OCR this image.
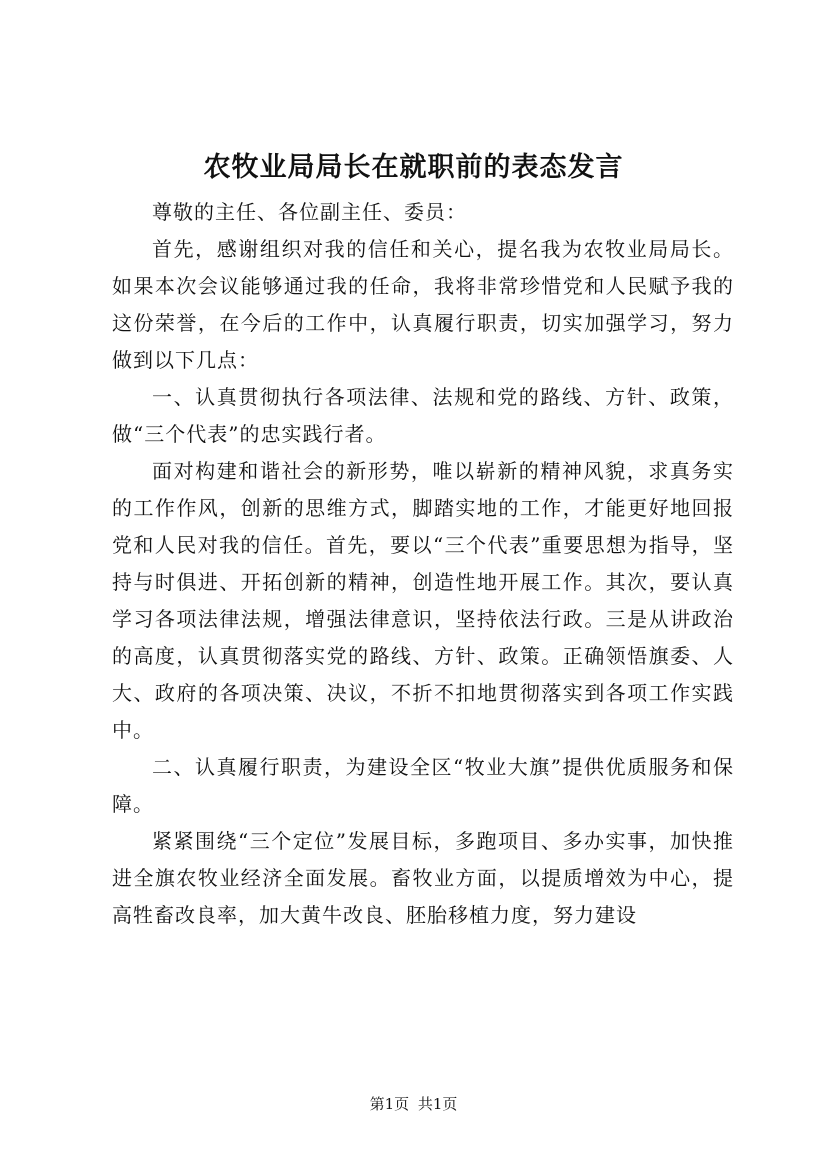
农牧业局局长在就职前的表态发言

尊敬的主任、各位副主任、委员：

首先，感谢组织对我的信任和关心，提名我为农牧业局局长。如果本次会议能够通过我的任命，我将非常珍惜党和人民赋予我的这份荣誉，在今后的工作中，认真履行职责，切实加强学习，努力做到以下几点：

一、认真贯彻执行各项法律、法规和党的路线、方针、政策，做“三个代表”的忠实践行者。

面对构建和谐社会的新形势，唯以崭新的精神风貌，求真务实的工作作风，创新的思维方式，脚踏实地的工作，才能更好地回报党和人民对我的信任。首先，要以“三个代表”重要思想为指导，坚持与时俱进、开拓创新的精神，创造性地开展工作。其次，要认真学习各项法律法规，增强法律意识，坚持依法行政。三是从讲政治的高度，认真贯彻落实党的路线、方针、政策。正确领悟旗委、人大、政府的各项决策、决议，不折不扣地贯彻落实到各项工作实践中。

二、认真履行职责，为建设全区“牧业大旗”提供优质服务和保障。

紧紧围绕“三个定位”发展目标，多跑项目、多办实事，加快推进全旗农牧业经济全面发展。畜牧业方面，以提质增效为中心，提高牲畜改良率，加大黄牛改良、胚胎移植力度，努力建设

第1页 共1页
